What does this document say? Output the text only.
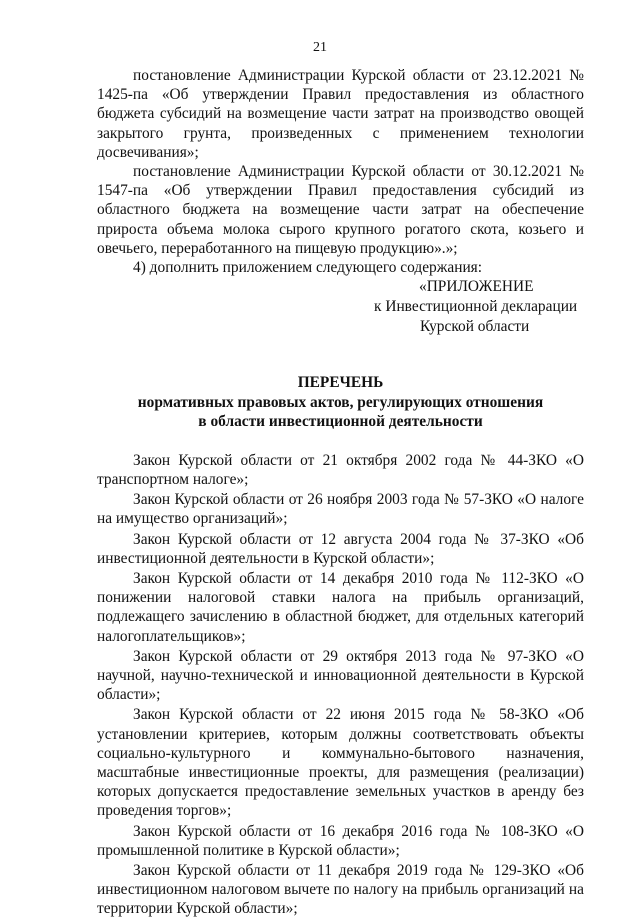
21

постановление Администрации Курской области от 23.12.2021 № 1425-па «Об утверждении Правил предоставления из областного бюджета субсидий на возмещение части затрат на производство овощей закрытого грунта, произведенных с применением технологии досвечивания»;

постановление Администрации Курской области от 30.12.2021 № 1547-па «Об утверждении Правил предоставления субсидий из областного бюджета на возмещение части затрат на обеспечение прироста объема молока сырого крупного рогатого скота, козьего и овечьего, переработанного на пищевую продукцию».»;

4) дополнить приложением следующего содержания:

«ПРИЛОЖЕНИЕ
к Инвестиционной декларации
Курской области
ПЕРЕЧЕНЬ
нормативных правовых актов, регулирующих отношения
в области инвестиционной деятельности

Закон Курской области от 21 октября 2002 года № 44-ЗКО «О транспортном налоге»;

Закон Курской области от 26 ноября 2003 года № 57-ЗКО «О налоге на имущество организаций»;

Закон Курской области от 12 августа 2004 года № 37-ЗКО «Об инвестиционной деятельности в Курской области»;

Закон Курской области от 14 декабря 2010 года № 112-ЗКО «О понижении налоговой ставки налога на прибыль организаций, подлежащего зачислению в областной бюджет, для отдельных категорий налогоплательщиков»;

Закон Курской области от 29 октября 2013 года № 97-ЗКО «О научной, научно-технической и инновационной деятельности в Курской области»;

Закон Курской области от 22 июня 2015 года № 58-ЗКО «Об установлении критериев, которым должны соответствовать объекты социально-культурного и коммунально-бытового назначения, масштабные инвестиционные проекты, для размещения (реализации) которых допускается предоставление земельных участков в аренду без проведения торгов»;

Закон Курской области от 16 декабря 2016 года № 108-ЗКО «О промышленной политике в Курской области»;

Закон Курской области от 11 декабря 2019 года № 129-ЗКО «Об инвестиционном налоговом вычете по налогу на прибыль организаций на территории Курской области»;
